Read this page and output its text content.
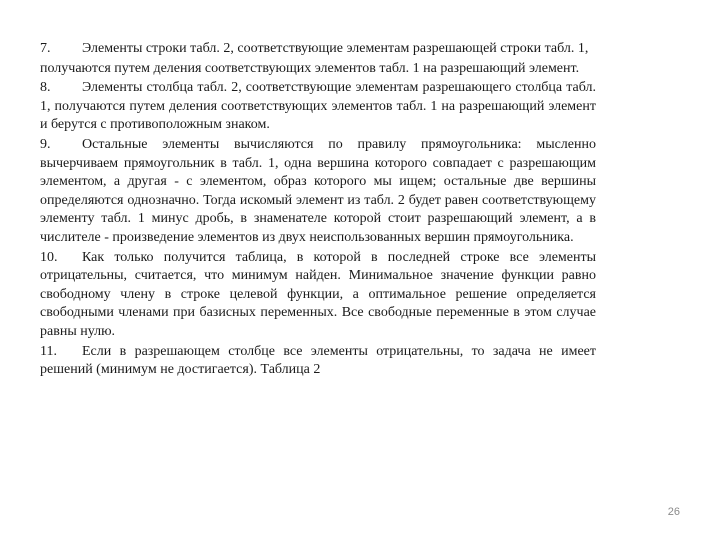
7. Элементы строки табл. 2, соответствующие элементам разрешающей строки табл. 1,

получаются путем деления соответствующих элементов табл. 1 на разрешающий элемент.

8. Элементы столбца табл. 2, соответствующие элементам разрешающего столбца табл. 1, получаются путем деления соответствующих элементов табл. 1 на разрешающий элемент и берутся с противоположным знаком.

9. Остальные элементы вычисляются по правилу прямоугольника: мысленно вычерчиваем прямоугольник в табл. 1, одна вершина которого совпадает с разрешающим элементом, а другая - с элементом, образ которого мы ищем; остальные две вершины определяются однозначно. Тогда искомый элемент из табл. 2 будет равен соответствующему элементу табл. 1 минус дробь, в знаменателе которой стоит разрешающий элемент, а в числителе - произведение элементов из двух неиспользованных вершин прямоугольника.

10. Как только получится таблица, в которой в последней строке все элементы отрицательны, считается, что минимум найден. Минимальное значение функции равно свободному члену в строке целевой функции, а оптимальное решение определяется свободными членами при базисных переменных. Все свободные переменные в этом случае равны нулю.

11. Если в разрешающем столбце все элементы отрицательны, то задача не имеет решений (минимум не достигается). Таблица 2

26
